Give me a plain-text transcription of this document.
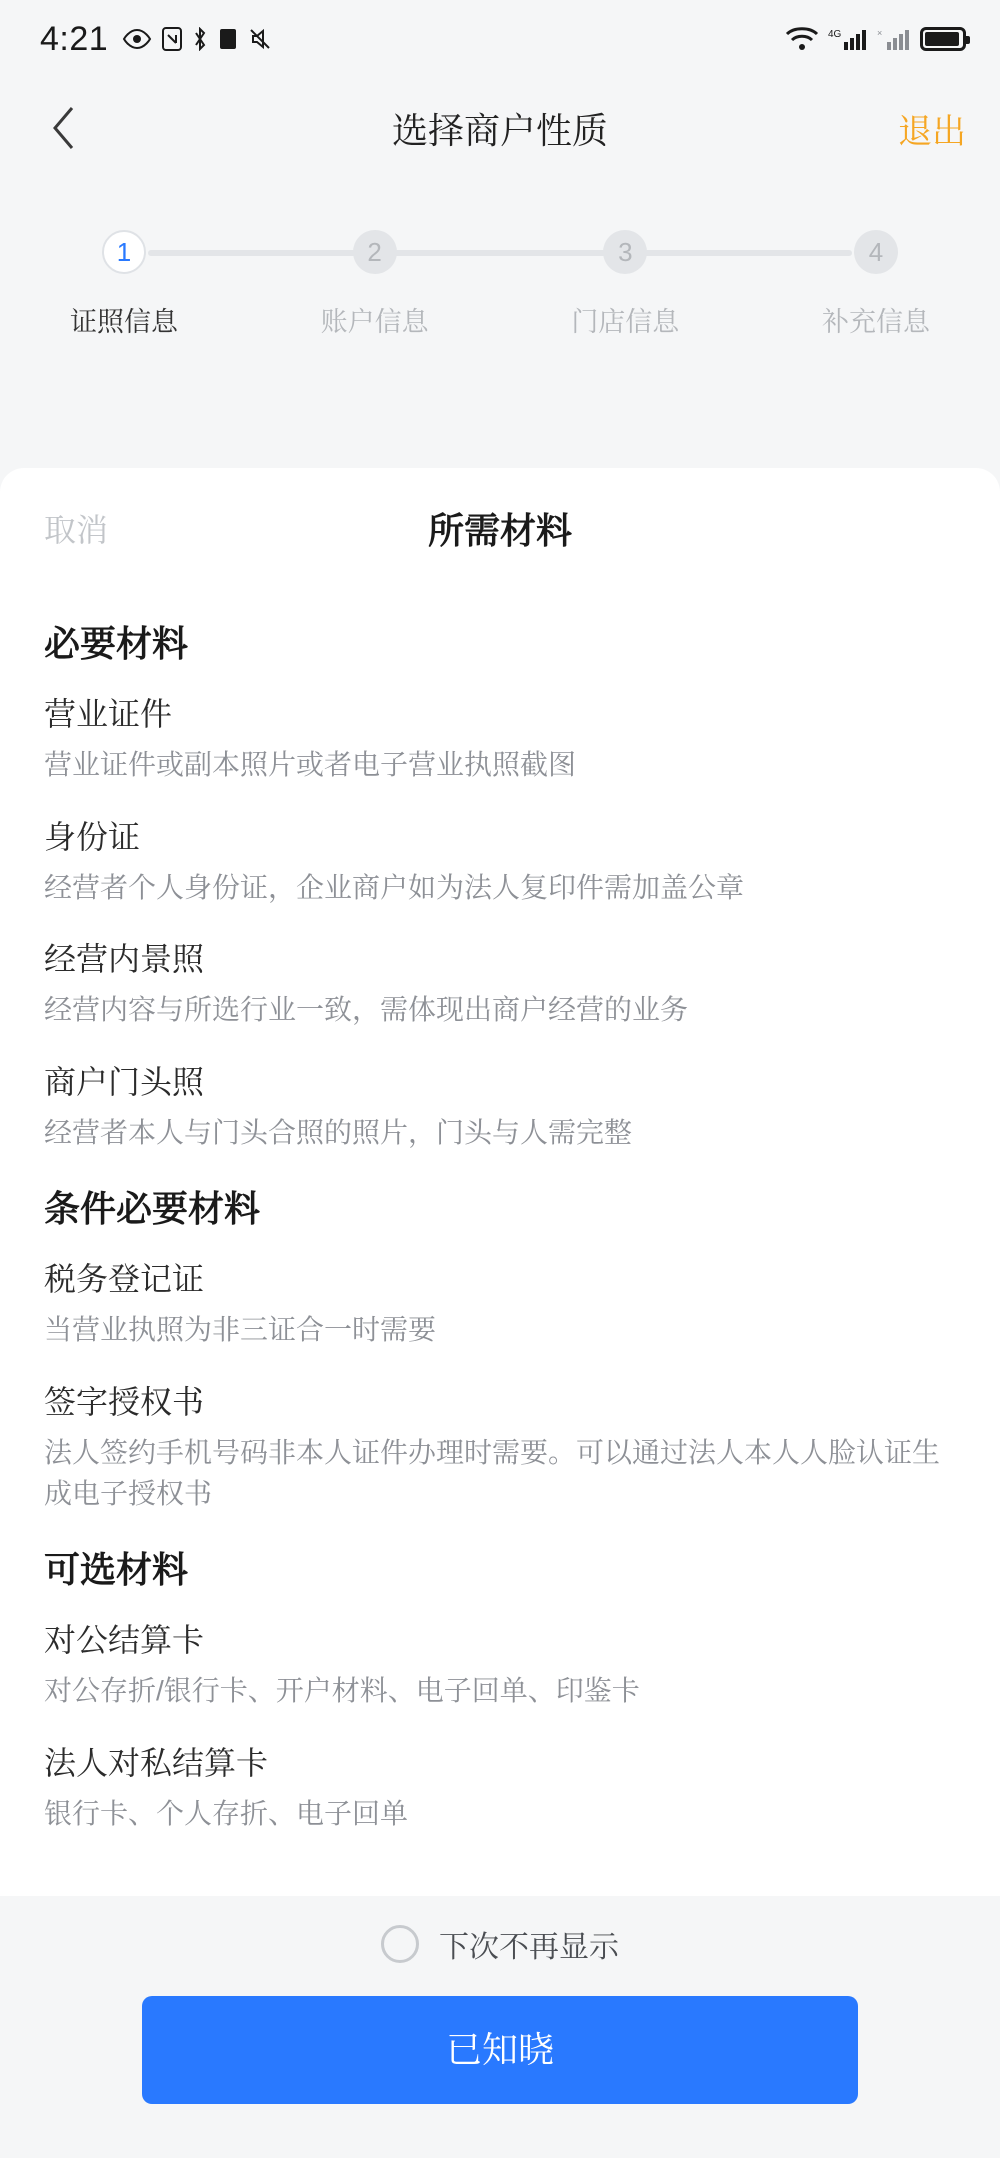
4:21	4G	×
选择商户性质	退出
1
证照信息
2
账户信息
3
门店信息
4
补充信息
取消	所需材料
必要材料
营业证件
营业证件或副本照片或者电子营业执照截图
身份证
经营者个人身份证，企业商户如为法人复印件需加盖公章
经营内景照
经营内容与所选行业一致，需体现出商户经营的业务
商户门头照
经营者本人与门头合照的照片，门头与人需完整
条件必要材料
税务登记证
当营业执照为非三证合一时需要
签字授权书
法人签约手机号码非本人证件办理时需要。可以通过法人本人人脸认证生成电子授权书
可选材料
对公结算卡
对公存折/银行卡、开户材料、电子回单、印鉴卡
法人对私结算卡
银行卡、个人存折、电子回单
下次不再显示
已知晓
